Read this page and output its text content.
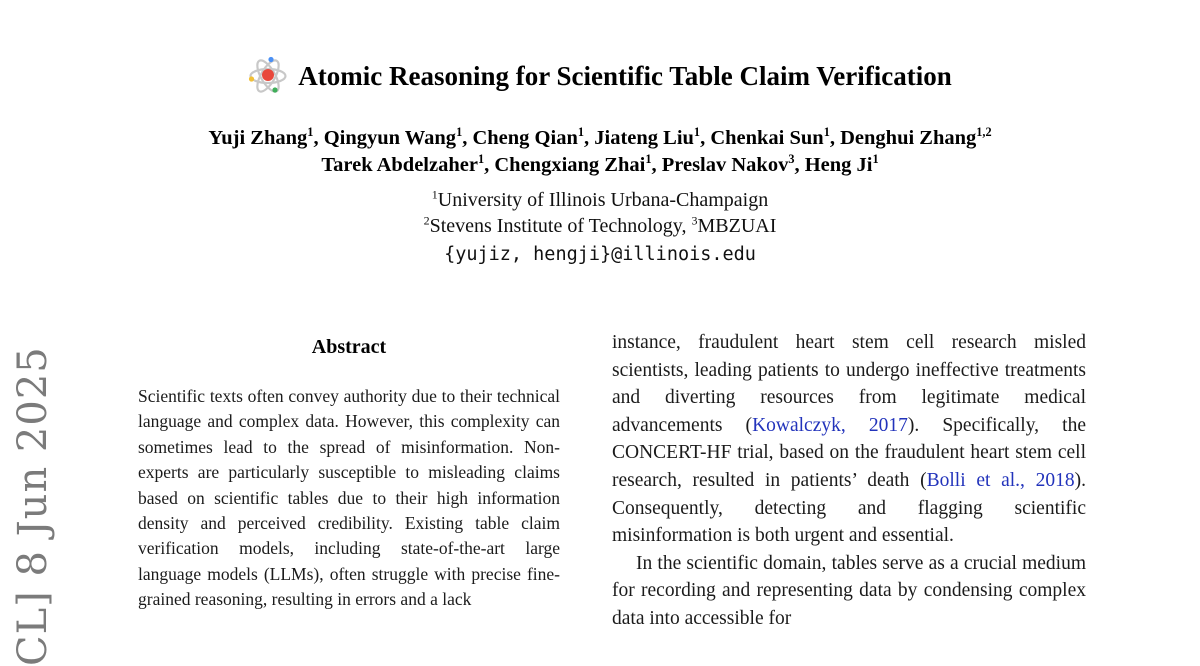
CL] 8 Jun 2025
Atomic Reasoning for Scientific Table Claim Verification
Yuji Zhang$^1$, Qingyun Wang$^1$, Cheng Qian$^1$, Jiateng Liu$^1$, Chenkai Sun$^1$, Denghui Zhang$^{1,2}$
Tarek Abdelzaher$^1$, Chengxiang Zhai$^1$, Preslav Nakov$^3$, Heng Ji$^1$
$^1$University of Illinois Urbana-Champaign
$^2$Stevens Institute of Technology, $^3$MBZUAI
{yujiz, hengji}@illinois.edu
Abstract
Scientific texts often convey authority due to their technical language and complex data. However, this complexity can sometimes lead to the spread of misinformation. Non-experts are particularly susceptible to misleading claims based on scientific tables due to their high information density and perceived credibility. Existing table claim verification models, including state-of-the-art large language models (LLMs), often struggle with precise fine-grained reasoning, resulting in errors and a lack

instance, fraudulent heart stem cell research misled scientists, leading patients to undergo ineffective treatments and diverting resources from legitimate medical advancements (Kowalczyk, 2017). Specifically, the CONCERT-HF trial, based on the fraudulent heart stem cell research, resulted in patients’ death (Bolli et al., 2018). Consequently, detecting and flagging scientific misinformation is both urgent and essential.

In the scientific domain, tables serve as a crucial medium for recording and representing data by condensing complex data into accessible for
